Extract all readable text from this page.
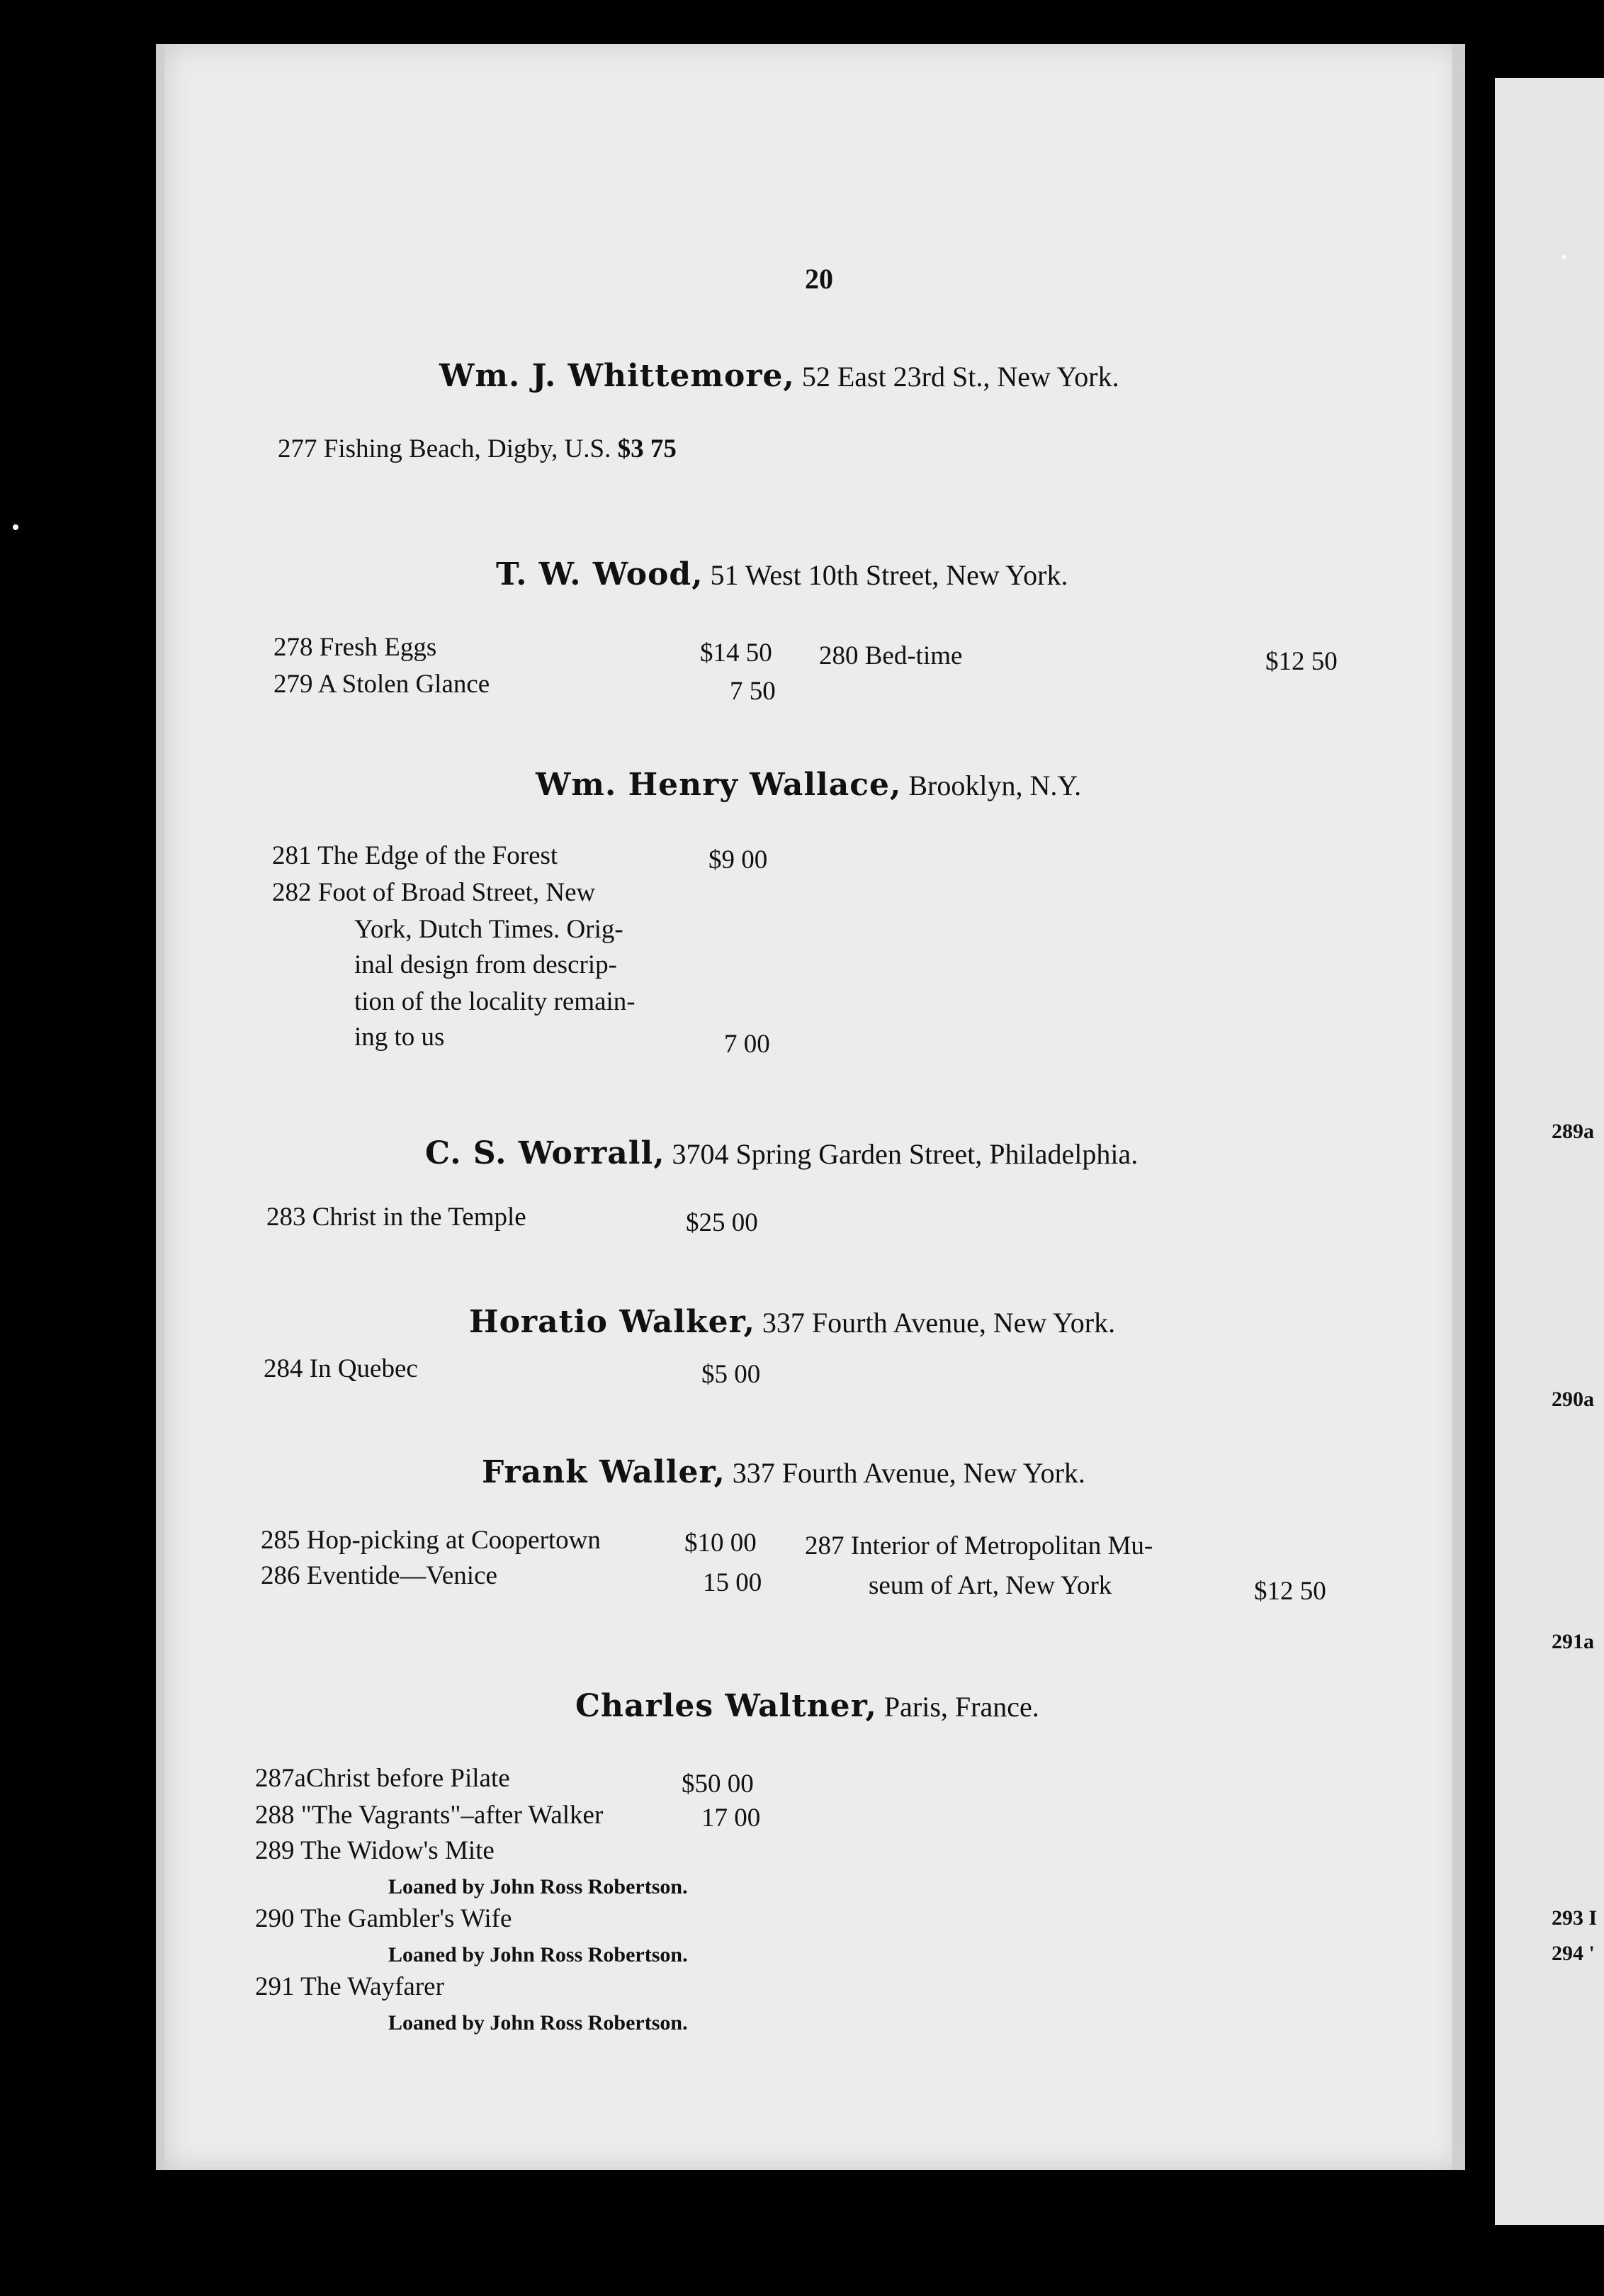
289a
290a
291a
293 I
294 '
20
Wm. J. Whittemore, 52 East 23rd St., New York.
277 Fishing Beach, Digby, U.S. $3 75
T. W. Wood, 51 West 10th Street, New York.
278 Fresh Eggs	$14 50
279 A Stolen Glance	7 50
280 Bed-time	$12 50
Wm. Henry Wallace, Brooklyn, N.Y.
281 The Edge of the Forest	$9 00
282 Foot of Broad Street, New
York, Dutch Times. Orig-
inal design from descrip-
tion of the locality remain-
ing to us	7 00
C. S. Worrall, 3704 Spring Garden Street, Philadelphia.
283 Christ in the Temple	$25 00
Horatio Walker, 337 Fourth Avenue, New York.
284 In Quebec	$5 00
Frank Waller, 337 Fourth Avenue, New York.
285 Hop-picking at Coopertown	$10 00
286 Eventide—Venice	15 00
287 Interior of Metropolitan Mu-
seum of Art, New York	$12 50
Charles Waltner, Paris, France.
287aChrist before Pilate	$50 00
288 "The Vagrants"–after Walker	17 00
289 The Widow's Mite
Loaned by John Ross Robertson.
290 The Gambler's Wife
Loaned by John Ross Robertson.
291 The Wayfarer
Loaned by John Ross Robertson.
